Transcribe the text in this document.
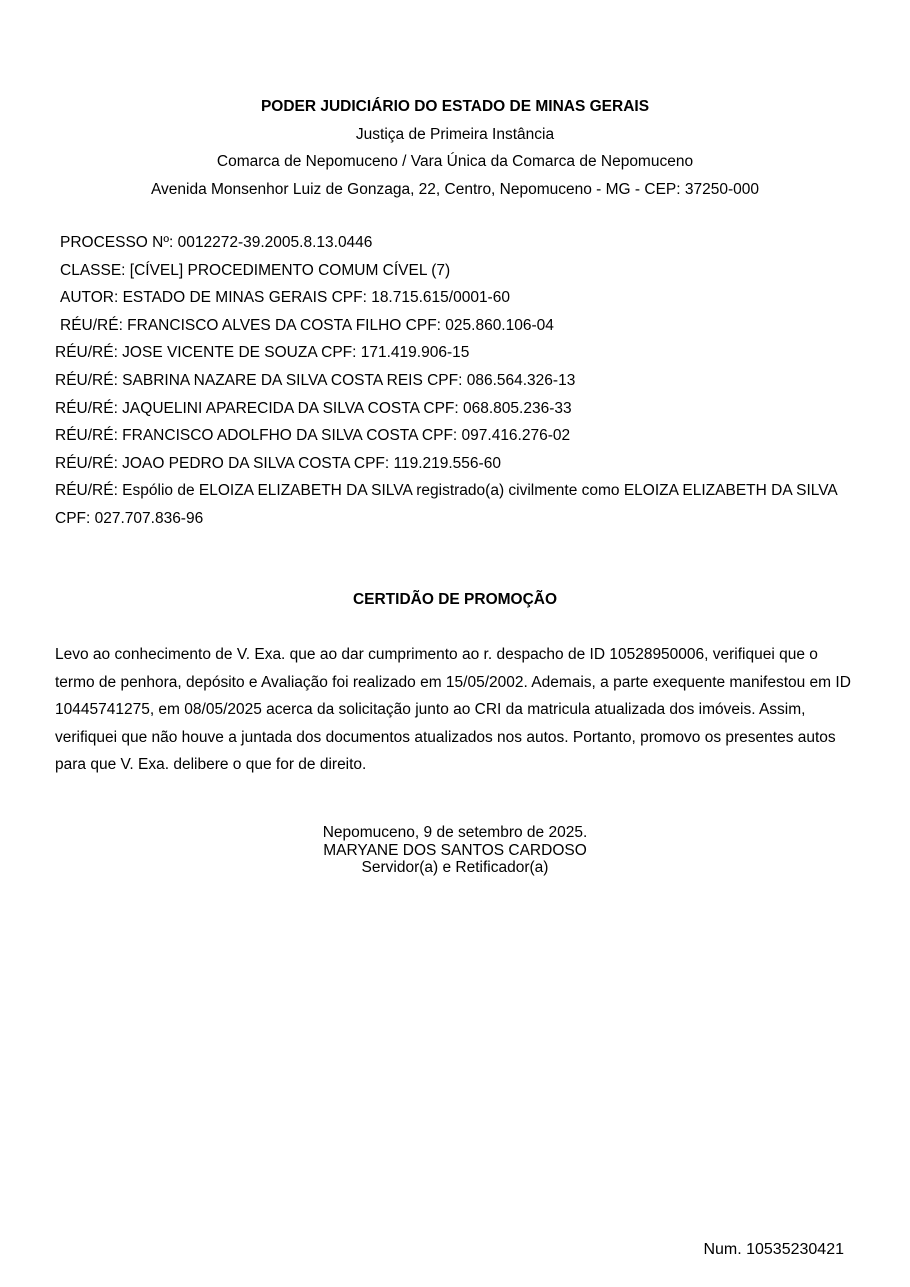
PODER JUDICIÁRIO DO ESTADO DE MINAS GERAIS
Justiça de Primeira Instância
Comarca de Nepomuceno / Vara Única da Comarca de Nepomuceno
Avenida Monsenhor Luiz de Gonzaga, 22, Centro, Nepomuceno - MG - CEP: 37250-000
PROCESSO Nº: 0012272-39.2005.8.13.0446
CLASSE: [CÍVEL] PROCEDIMENTO COMUM CÍVEL (7)
AUTOR: ESTADO DE MINAS GERAIS CPF: 18.715.615/0001-60
RÉU/RÉ: FRANCISCO ALVES DA COSTA FILHO CPF: 025.860.106-04
RÉU/RÉ: JOSE VICENTE DE SOUZA CPF: 171.419.906-15
RÉU/RÉ: SABRINA NAZARE DA SILVA COSTA REIS CPF: 086.564.326-13
RÉU/RÉ: JAQUELINI APARECIDA DA SILVA COSTA CPF: 068.805.236-33
RÉU/RÉ: FRANCISCO ADOLFHO DA SILVA COSTA CPF: 097.416.276-02
RÉU/RÉ: JOAO PEDRO DA SILVA COSTA CPF: 119.219.556-60
RÉU/RÉ: Espólio de ELOIZA ELIZABETH DA SILVA registrado(a) civilmente como ELOIZA ELIZABETH DA SILVA CPF: 027.707.836-96
CERTIDÃO DE PROMOÇÃO
Levo ao conhecimento de V. Exa. que ao dar cumprimento ao r. despacho de ID 10528950006, verifiquei que o termo de penhora, depósito e Avaliação foi realizado em 15/05/2002. Ademais, a parte exequente manifestou em ID 10445741275, em 08/05/2025 acerca da solicitação junto ao CRI da matricula atualizada dos imóveis. Assim, verifiquei que não houve a juntada dos documentos atualizados nos autos. Portanto, promovo os presentes autos para que V. Exa. delibere o que for de direito.
Nepomuceno, 9 de setembro de 2025.
MARYANE DOS SANTOS CARDOSO
Servidor(a) e Retificador(a)
Num. 10535230421
